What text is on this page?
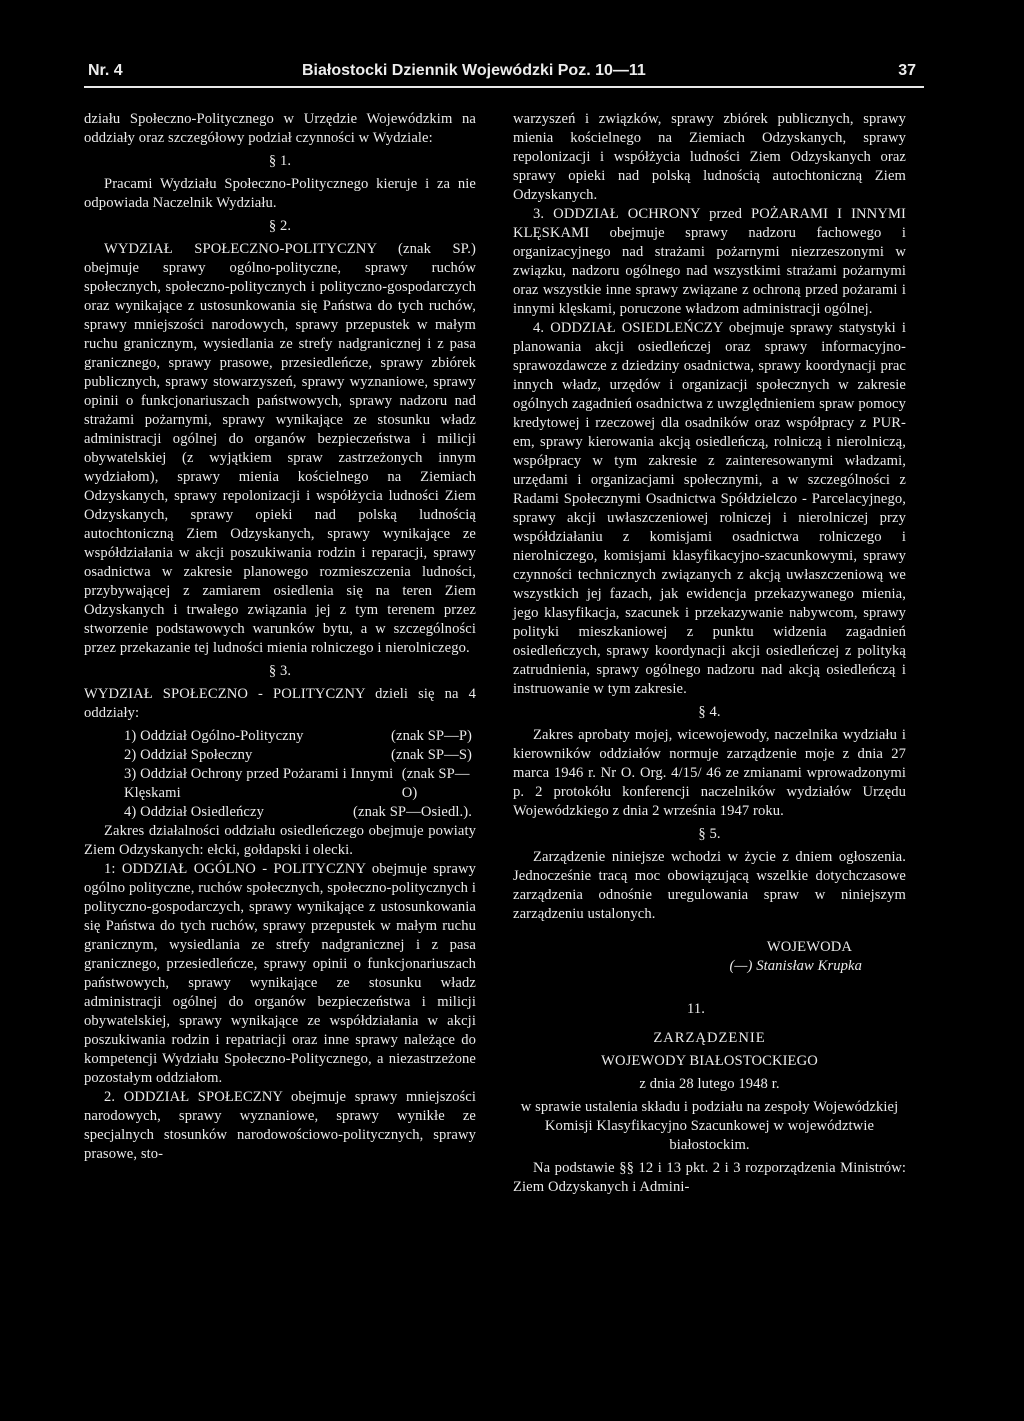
Nr. 4	Białostocki Dziennik Wojewódzki Poz. 10—11	37

działu Społeczno-Politycznego w Urzędzie Wojewódzkim na oddziały oraz szczegółowy podział czynności w Wydziale:

§ 1.

Pracami Wydziału Społeczno-Politycznego kieruje i za nie odpowiada Naczelnik Wydziału.

§ 2.

WYDZIAŁ SPOŁECZNO-POLITYCZNY (znak SP.) obejmuje sprawy ogólno-polityczne, sprawy ruchów społecznych, społeczno-politycznych i polityczno-gospodarczych oraz wynikające z ustosunkowania się Państwa do tych ruchów, sprawy mniejszości narodowych, sprawy przepustek w małym ruchu granicznym, wysiedlania ze strefy nadgranicznej i z pasa granicznego, sprawy prasowe, przesiedleńcze, sprawy zbiórek publicznych, sprawy stowarzyszeń, sprawy wyznaniowe, sprawy opinii o funkcjonariuszach państwowych, sprawy nadzoru nad strażami pożarnymi, sprawy wynikające ze stosunku władz administracji ogólnej do organów bezpieczeństwa i milicji obywatelskiej (z wyjątkiem spraw zastrzeżonych innym wydziałom), sprawy mienia kościelnego na Ziemiach Odzyskanych, sprawy repolonizacji i współżycia ludności Ziem Odzyskanych, sprawy opieki nad polską ludnością autochtoniczną Ziem Odzyskanych, sprawy wynikające ze współdziałania w akcji poszukiwania rodzin i reparacji, sprawy osadnictwa w zakresie planowego rozmieszczenia ludności, przybywającej z zamiarem osiedlenia się na teren Ziem Odzyskanych i trwałego związania jej z tym terenem przez stworzenie podstawowych warunków bytu, a w szczególności przez przekazanie tej ludności mienia rolniczego i nierolniczego.

§ 3.

WYDZIAŁ SPOŁECZNO - POLITYCZNY dzieli się na 4 oddziały:

1) Oddział Ogólno-Polityczny	(znak SP—P)
2) Oddział Społeczny	(znak SP—S)
3) Oddział Ochrony przed Pożarami i Innymi Klęskami
(znak SP—O)
4) Oddział Osiedleńczy	(znak SP—Osiedl.).

Zakres działalności oddziału osiedleńczego obejmuje powiaty Ziem Odzyskanych: ełcki, gołdapski i olecki.

1: ODDZIAŁ OGÓLNO - POLITYCZNY obejmuje sprawy ogólno polityczne, ruchów społecznych, społeczno-politycznych i polityczno-gospodarczych, sprawy wynikające z ustosunkowania się Państwa do tych ruchów, sprawy przepustek w małym ruchu granicznym, wysiedlania ze strefy nadgranicznej i z pasa granicznego, przesiedleńcze, sprawy opinii o funkcjonariuszach państwowych, sprawy wynikające ze stosunku władz administracji ogólnej do organów bezpieczeństwa i milicji obywatelskiej, sprawy wynikające ze współdziałania w akcji poszukiwania rodzin i repatriacji oraz inne sprawy należące do kompetencji Wydziału Społeczno-Politycznego, a niezastrzeżone pozostałym oddziałom.

2. ODDZIAŁ SPOŁECZNY obejmuje sprawy mniejszości narodowych, sprawy wyznaniowe, sprawy wynikłe ze specjalnych stosunków narodowościowo-politycznych, sprawy prasowe, sto-

warzyszeń i związków, sprawy zbiórek publicznych, sprawy mienia kościelnego na Ziemiach Odzyskanych, sprawy repolonizacji i współżycia ludności Ziem Odzyskanych oraz sprawy opieki nad polską ludnością autochtoniczną Ziem Odzyskanych.

3. ODDZIAŁ OCHRONY przed POŻARAMI I INNYMI KLĘSKAMI obejmuje sprawy nadzoru fachowego i organizacyjnego nad strażami pożarnymi niezrzeszonymi w związku, nadzoru ogólnego nad wszystkimi strażami pożarnymi oraz wszystkie inne sprawy związane z ochroną przed pożarami i innymi klęskami, poruczone władzom administracji ogólnej.

4. ODDZIAŁ OSIEDLEŃCZY obejmuje sprawy statystyki i planowania akcji osiedleńczej oraz sprawy informacyjno-sprawozdawcze z dziedziny osadnictwa, sprawy koordynacji prac innych władz, urzędów i organizacji społecznych w zakresie ogólnych zagadnień osadnictwa z uwzględnieniem spraw pomocy kredytowej i rzeczowej dla osadników oraz współpracy z PUR-em, sprawy kierowania akcją osiedleńczą, rolniczą i nierolniczą, współpracy w tym zakresie z zainteresowanymi władzami, urzędami i organizacjami społecznymi, a w szczególności z Radami Społecznymi Osadnictwa Spółdzielczo - Parcelacyjnego, sprawy akcji uwłaszczeniowej rolniczej i nierolniczej przy współdziałaniu z komisjami osadnictwa rolniczego i nierolniczego, komisjami klasyfikacyjno-szacunkowymi, sprawy czynności technicznych związanych z akcją uwłaszczeniową we wszystkich jej fazach, jak ewidencja przekazywanego mienia, jego klasyfikacja, szacunek i przekazywanie nabywcom, sprawy polityki mieszkaniowej z punktu widzenia zagadnień osiedleńczych, sprawy koordynacji akcji osiedleńczej z polityką zatrudnienia, sprawy ogólnego nadzoru nad akcją osiedleńczą i instruowanie w tym zakresie.

§ 4.

Zakres aprobaty mojej, wicewojewody, naczelnika wydziału i kierowników oddziałów normuje zarządzenie moje z dnia 27 marca 1946 r. Nr O. Org. 4/15/ 46 ze zmianami wprowadzonymi p. 2 protokółu konferencji naczelników wydziałów Urzędu Wojewódzkiego z dnia 2 września 1947 roku.

§ 5.

Zarządzenie niniejsze wchodzi w życie z dniem ogłoszenia. Jednocześnie tracą moc obowiązującą wszelkie dotychczasowe zarządzenia odnośnie uregulowania spraw w niniejszym zarządzeniu ustalonych.

WOJEWODA
(—) Stanisław Krupka
11.
ZARZĄDZENIE
WOJEWODY BIAŁOSTOCKIEGO
z dnia 28 lutego 1948 r.

w sprawie ustalenia składu i podziału na zespoły Wojewódzkiej Komisji Klasyfikacyjno Szacunkowej w województwie białostockim.

Na podstawie §§ 12 i 13 pkt. 2 i 3 rozporządzenia Ministrów: Ziem Odzyskanych i Admini-
